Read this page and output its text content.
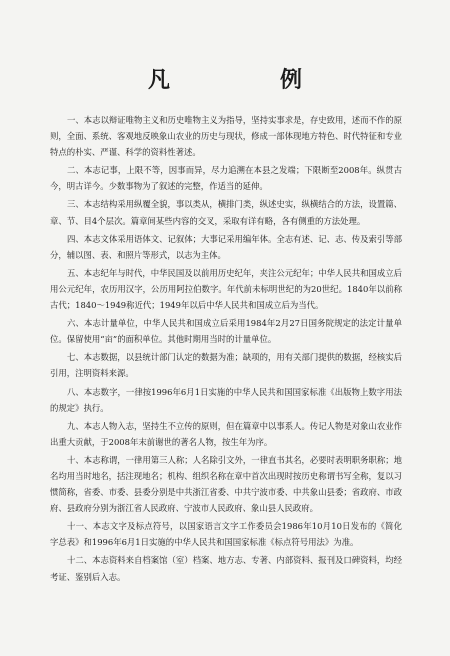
凡　例

一、本志以辩证唯物主义和历史唯物主义为指导，坚持实事求是，存史致用，述而不作的原则，全面、系统、客观地反映象山农业的历史与现状，修成一部体现地方特色、时代特征和专业特点的朴实、严谨、科学的资料性著述。

二、本志记事，上限不等，因事而异，尽力追溯在本县之发端；下限断至2008年。纵贯古今，明古详今。少数事物为了叙述的完整，作适当的延伸。

三、本志结构采用纵覆全貌，事以类从，横排门类，纵述史实，纵横结合的方法，设置篇、章、节、目4个层次。篇章间某些内容的交叉，采取有详有略，各有侧重的方法处理。

四、本志文体采用语体文、记叙体；大事记采用编年体。全志有述、记、志、传及索引等部分，辅以图、表、和照片等形式，以志为主体。

五、本志纪年与时代，中华民国及以前用历史纪年，夹注公元纪年；中华人民共和国成立后用公元纪年，农历用汉字，公历用阿拉伯数字。年代前未标明世纪的为20世纪。1840年以前称古代；1840～1949称近代；1949年以后中华人民共和国成立后为当代。

六、本志计量单位，中华人民共和国成立后采用1984年2月27日国务院规定的法定计量单位。保留使用“亩”的面积单位。其他时期用当时的计量单位。

七、本志数据，以县统计部门认定的数据为准；缺项的，用有关部门提供的数据，经核实后引用，注明资料来源。

八、本志数字，一律按1996年6月1日实施的中华人民共和国国家标准《出版物上数字用法的规定》执行。

九、本志人物入志，坚持生不立传的原则，但在篇章中以事系人。传记人物是对象山农业作出重大贡献，于2008年末前谢世的著名人物，按生年为序。

十、本志称谓，一律用第三人称；人名除引文外，一律直书其名，必要时表明职务职称；地名均用当时地名，括注现地名；机构、组织名称在章中首次出现时按历史称谓书写全称，复以习惯简称，省委、市委、县委分别是中共浙江省委、中共宁波市委、中共象山县委；省政府、市政府、县政府分别为浙江省人民政府、宁波市人民政府、象山县人民政府。

十一、本志文字及标点符号，以国家语言文字工作委员会1986年10月10日发布的《简化字总表》和1996年6月1日实施的中华人民共和国国家标准《标点符号用法》为准。

十二、本志资料来自档案馆（室）档案、地方志、专著、内部资料、报刊及口碑资料，均经考证、鉴别后入志。
